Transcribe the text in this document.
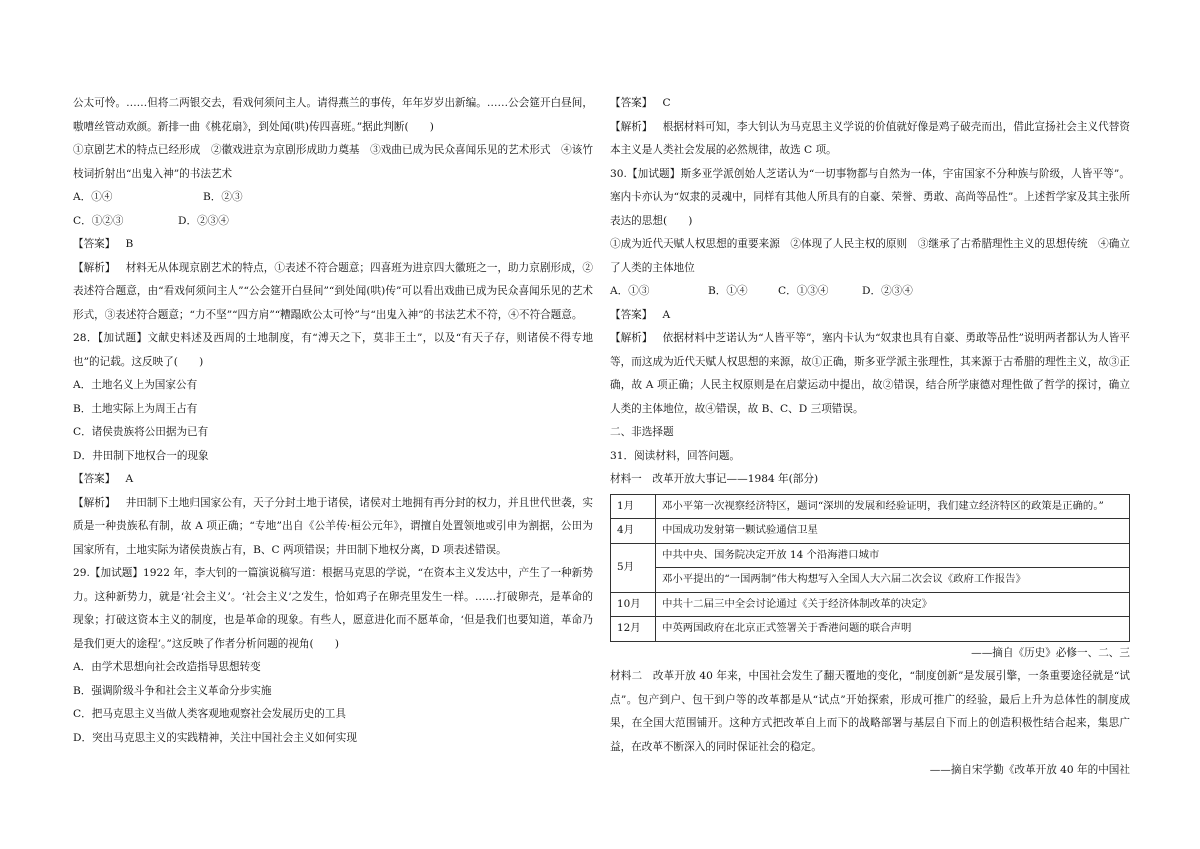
公太可怜。……但将二两银交去，看戏何须问主人。请得燕兰的事传，年年岁岁出新编。……公会筵开白昼间，嗷嘈丝管动欢颜。新排一曲《桃花扇》，到处闻(哄)传四喜班。”据此判断(　　)

①京剧艺术的特点已经形成　②徽戏进京为京剧形成助力奠基　③戏曲已成为民众喜闻乐见的艺术形式　④该竹枝词折射出“出鬼入神”的书法艺术

A．①④	B．②③
C．①②③	D．②③④

【答案】 B

【解析】 材料无从体现京剧艺术的特点，①表述不符合题意；四喜班为进京四大徽班之一，助力京剧形成，②表述符合题意，由“看戏何须问主人”“公会筵开白昼间”“到处闻(哄)传”可以看出戏曲已成为民众喜闻乐见的艺术形式，③表述符合题意；“力不坚”“四方肩”“糟蹋欧公太可怜”与“出鬼入神”的书法艺术不符，④不符合题意。

28．【加试题】文献史料述及西周的土地制度，有“溥天之下，莫非王土”，以及“有天子存，则诸侯不得专地也”的记载。这反映了(　　)

A．土地名义上为国家公有

B．土地实际上为周王占有

C．诸侯贵族将公田据为已有

D．井田制下地权合一的现象

【答案】 A

【解析】 井田制下土地归国家公有，天子分封土地于诸侯，诸侯对土地拥有再分封的权力，并且世代世袭，实质是一种贵族私有制，故 A 项正确；“专地”出自《公羊传·桓公元年》，谓擅自处置领地或引申为割据，公田为国家所有，土地实际为诸侯贵族占有，B、C 两项错误；井田制下地权分离，D 项表述错误。

29.【加试题】1922 年，李大钊的一篇演说稿写道：根据马克思的学说，“在资本主义发达中，产生了一种新势力。这种新势力，就是‘社会主义’。‘社会主义’之发生，恰如鸡子在卵壳里发生一样。……打破卵壳，是革命的现象；打破这资本主义的制度，也是革命的现象。有些人，愿意进化而不愿革命，‘但是我们也要知道，革命乃是我们更大的途程’。”这反映了作者分析问题的视角(　　)

A．由学术思想向社会改造指导思想转变

B．强调阶级斗争和社会主义革命分步实施

C．把马克思主义当做人类客观地观察社会发展历史的工具

D．突出马克思主义的实践精神，关注中国社会主义如何实现

【答案】 C

【解析】 根据材料可知，李大钊认为马克思主义学说的价值就好像是鸡子破壳而出，借此宣扬社会主义代替资本主义是人类社会发展的必然规律，故选 C 项。

30.【加试题】斯多亚学派创始人芝诺认为“一切事物都与自然为一体，宇宙国家不分种族与阶级，人皆平等”。塞内卡亦认为“奴隶的灵魂中，同样有其他人所具有的自豪、荣誉、勇敢、高尚等品性”。上述哲学家及其主张所表达的思想(　　)

①成为近代天赋人权思想的重要来源　②体现了人民主权的原则　③继承了古希腊理性主义的思想传统　④确立了人类的主体地位

A．①③	B．①④	C．①③④	D．②③④

【答案】 A

【解析】 依据材料中芝诺认为“人皆平等”，塞内卡认为“奴隶也具有自豪、勇敢等品性”说明两者都认为人皆平等，而这成为近代天赋人权思想的来源，故①正确，斯多亚学派主张理性，其来源于古希腊的理性主义，故③正确，故 A 项正确；人民主权原则是在启蒙运动中提出，故②错误，结合所学康德对理性做了哲学的探讨，确立人类的主体地位，故④错误，故 B、C、D 三项错误。

二、非选择题

31．阅读材料，回答问题。

材料一　改革开放大事记——1984 年(部分)

1月	邓小平第一次视察经济特区，题词“深圳的发展和经验证明，我们建立经济特区的政策是正确的。”
4月	中国成功发射第一颗试验通信卫星
5月	中共中央、国务院决定开放 14 个沿海港口城市
	邓小平提出的“一国两制”伟大构想写入全国人大六届二次会议《政府工作报告》
10月	中共十二届三中全会讨论通过《关于经济体制改革的决定》
12月	中英两国政府在北京正式签署关于香港问题的联合声明

——摘自《历史》必修一、二、三

材料二　改革开放 40 年来，中国社会发生了翻天覆地的变化，“制度创新”是发展引擎，一条重要途径就是“试点”。包产到户、包干到户等的改革都是从“试点”开始探索，形成可推广的经验，最后上升为总体性的制度成果，在全国大范围铺开。这种方式把改革自上而下的战略部署与基层自下而上的创造积极性结合起来，集思广益，在改革不断深入的同时保证社会的稳定。

——摘自宋学勤《改革开放 40 年的中国社
